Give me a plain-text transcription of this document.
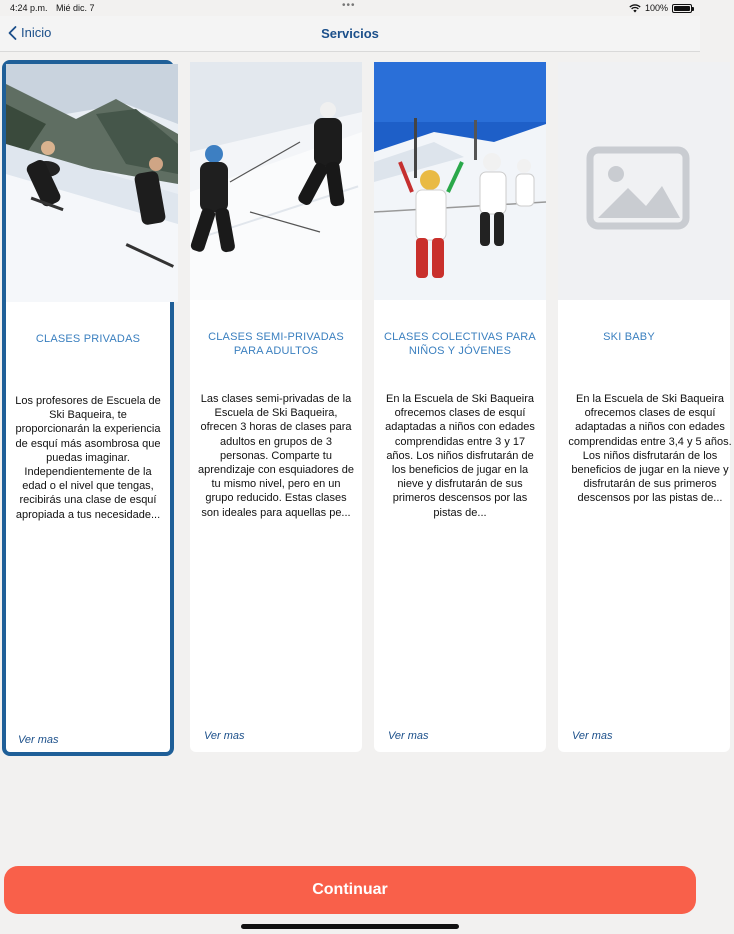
4:24 p.m. Mié dic. 7	•••	100%
Inicio	Servicios
CLASES PRIVADAS
Los profesores de Escuela de Ski Baqueira, te proporcionarán la experiencia de esquí más asombrosa que puedas imaginar. Independientemente de la edad o el nivel que tengas, recibirás una clase de esquí apropiada a tus necesidade...
Ver mas
CLASES SEMI-PRIVADAS PARA ADULTOS
Las clases semi-privadas de la Escuela de Ski Baqueira, ofrecen 3 horas de clases para adultos en grupos de 3 personas. Comparte tu aprendizaje con esquiadores de tu mismo nivel, pero en un grupo reducido. Estas clases son ideales para aquellas pe...
Ver mas
CLASES COLECTIVAS PARA NIÑOS Y JÓVENES
En la Escuela de Ski Baqueira ofrecemos clases de esquí adaptadas a niños con edades comprendidas entre 3 y 17 años. Los niños disfrutarán de los beneficios de jugar en la nieve y disfrutarán de sus primeros descensos por las pistas de...
Ver mas
SKI BABY
En la Escuela de Ski Baqueira ofrecemos clases de esquí adaptadas a niños con edades comprendidas entre 3,4 y 5 años. Los niños disfrutarán de los beneficios de jugar en la nieve y disfrutarán de sus primeros descensos por las pistas de...
Ver mas
Continuar
